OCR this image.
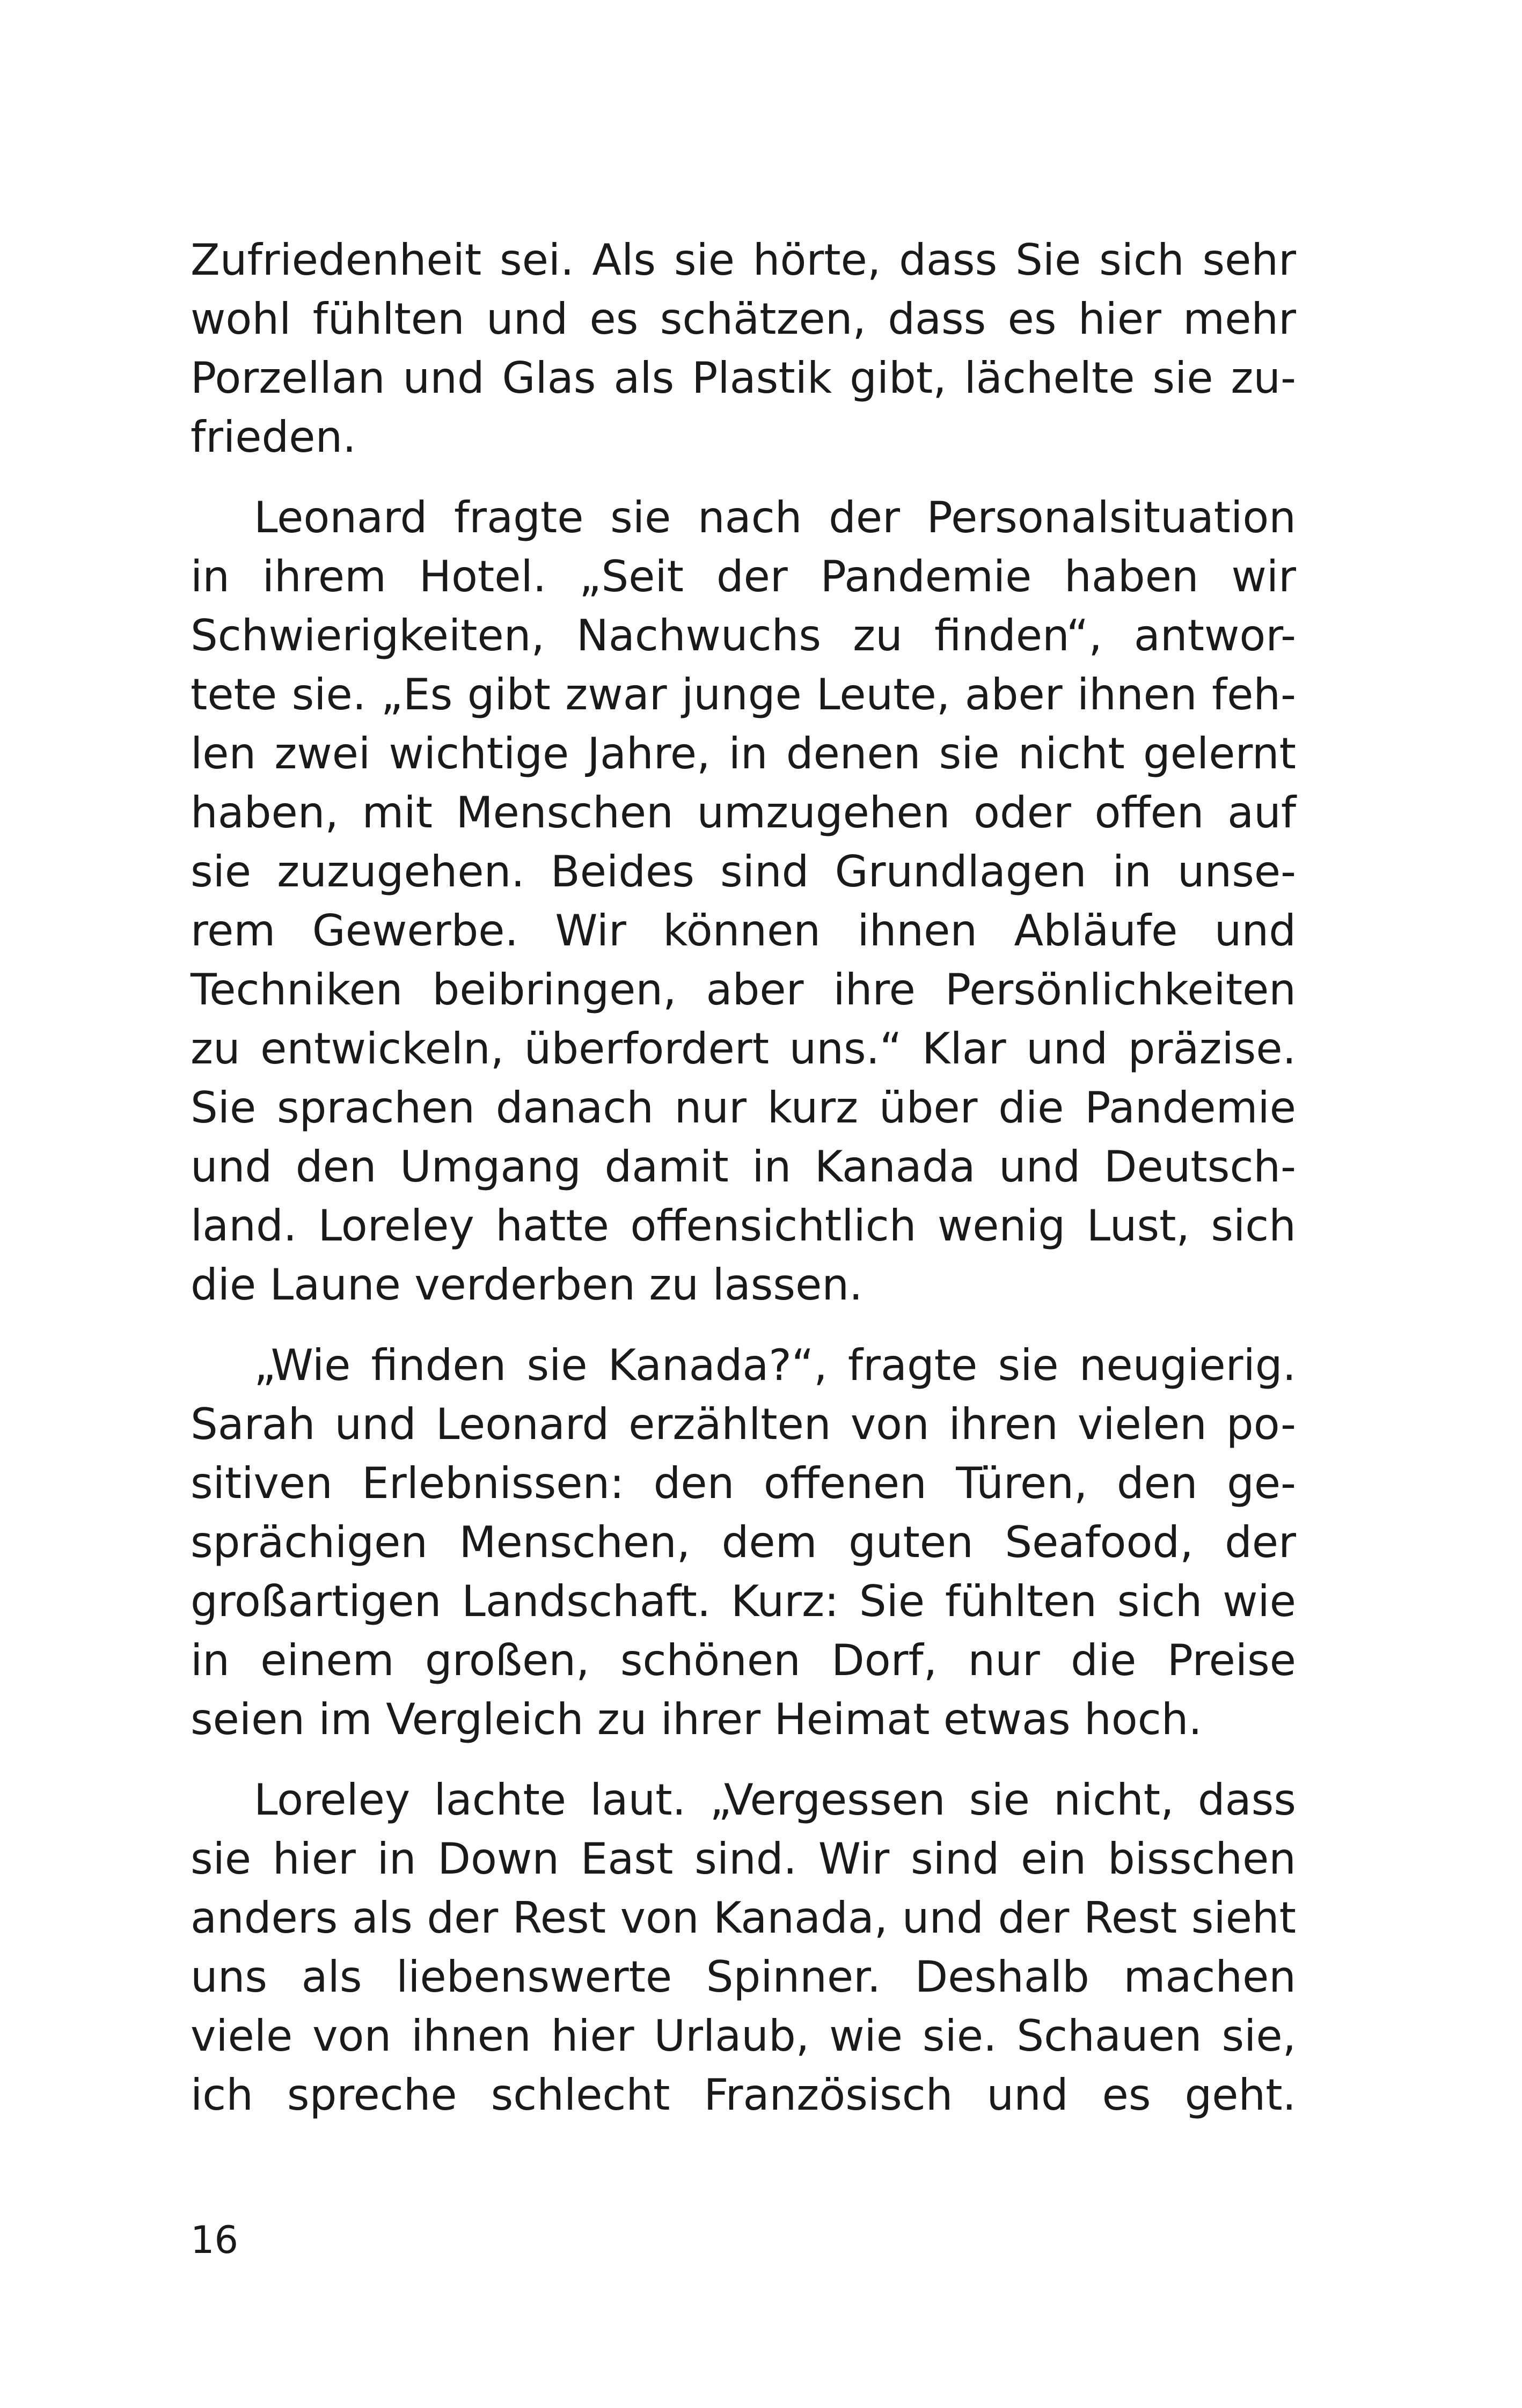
Zufriedenheit sei. Als sie hörte, dass Sie sich sehr
wohl fühlten und es schätzen, dass es hier mehr
Porzellan und Glas als Plastik gibt, lächelte sie zu-
frieden.
Leonard fragte sie nach der Personalsituation
in ihrem Hotel. „Seit der Pandemie haben wir
Schwierigkeiten, Nachwuchs zu finden“, antwor-
tete sie. „Es gibt zwar junge Leute, aber ihnen feh-
len zwei wichtige Jahre, in denen sie nicht gelernt
haben, mit Menschen umzugehen oder offen auf
sie zuzugehen. Beides sind Grundlagen in unse-
rem Gewerbe. Wir können ihnen Abläufe und
Techniken beibringen, aber ihre Persönlichkeiten
zu entwickeln, überfordert uns.“ Klar und präzise.
Sie sprachen danach nur kurz über die Pandemie
und den Umgang damit in Kanada und Deutsch-
land. Loreley hatte offensichtlich wenig Lust, sich
die Laune verderben zu lassen.
„Wie finden sie Kanada?“, fragte sie neugierig.
Sarah und Leonard erzählten von ihren vielen po-
sitiven Erlebnissen: den offenen Türen, den ge-
sprächigen Menschen, dem guten Seafood, der
großartigen Landschaft. Kurz: Sie fühlten sich wie
in einem großen, schönen Dorf, nur die Preise
seien im Vergleich zu ihrer Heimat etwas hoch.
Loreley lachte laut. „Vergessen sie nicht, dass
sie hier in Down East sind. Wir sind ein bisschen
anders als der Rest von Kanada, und der Rest sieht
uns als liebenswerte Spinner. Deshalb machen
viele von ihnen hier Urlaub, wie sie. Schauen sie,
ich spreche schlecht Französisch und es geht.
16
